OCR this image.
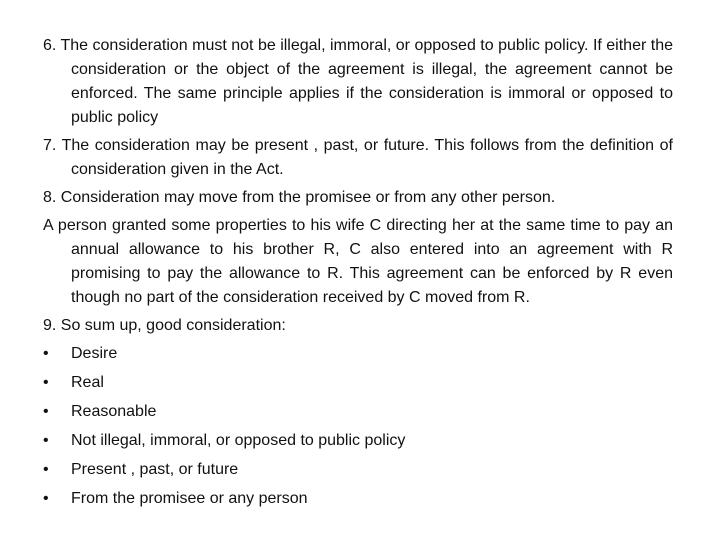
6. The consideration must not be illegal, immoral, or opposed to public policy. If either the consideration or the object of the agreement is illegal, the agreement cannot be enforced. The same principle applies if the consideration is immoral or opposed to public policy

7. The consideration may be present , past, or future. This follows from the definition of consideration given in the Act.

8. Consideration may move from the promisee or from any other person.

A person granted some properties to his wife C directing her at the same time to pay an annual allowance to his brother R, C also entered into an agreement with R promising to pay the allowance to R. This agreement can be enforced by R even though no part of the consideration received by C moved from R.

9. So sum up, good consideration:

•	Desire
•	Real
•	Reasonable
•	Not illegal, immoral, or opposed to public policy
•	Present , past, or future
•	From the promisee or any person
